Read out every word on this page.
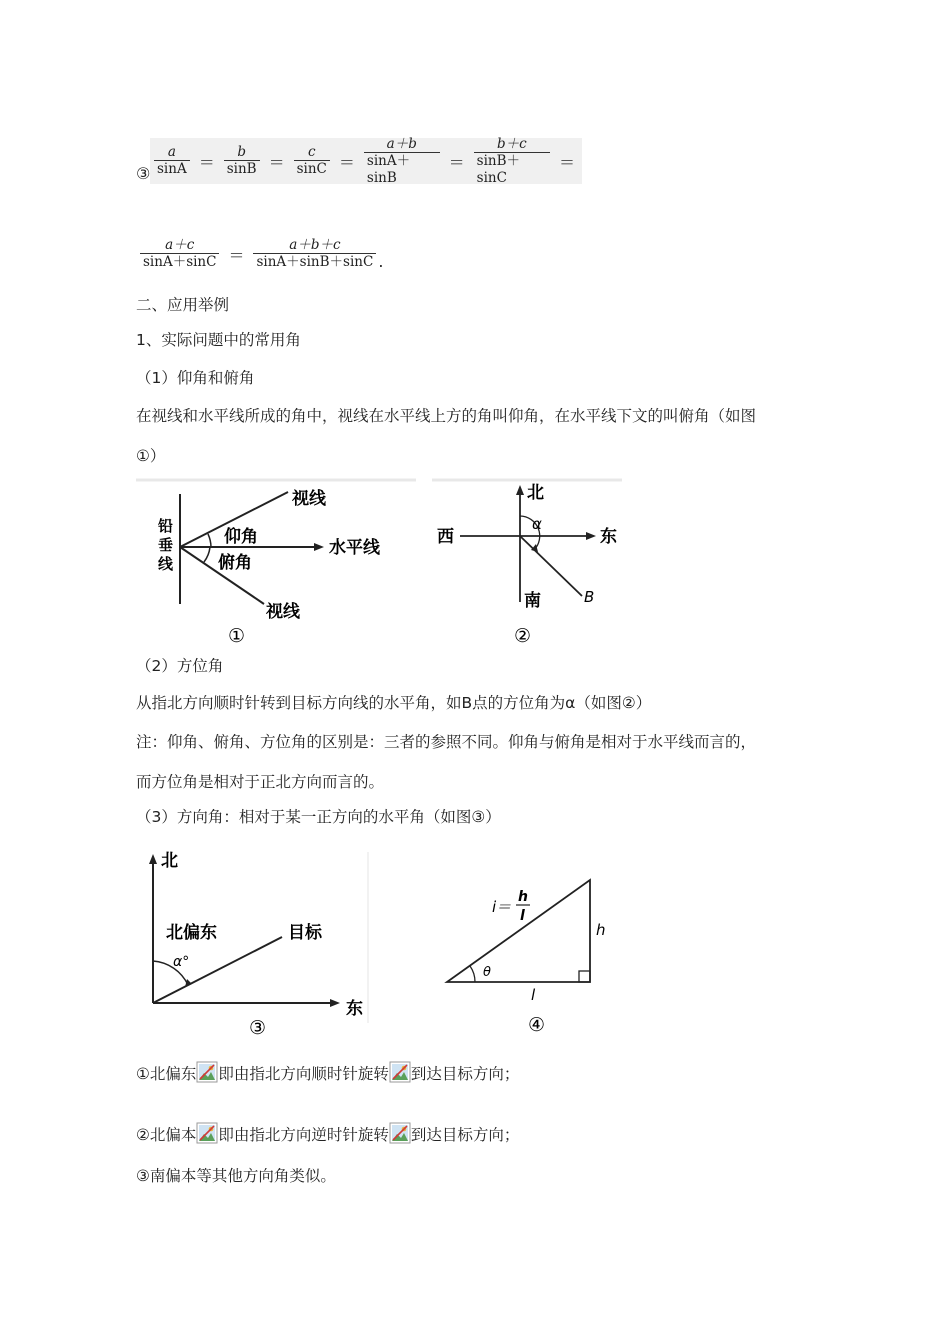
$\frac{a}{\sin A} = \frac{b}{\sin B} = \frac{c}{\sin C} = \frac{a+b}{\sin A+\sin B} = \frac{b+c}{\sin B+\sin C}$ ＝
③
$\frac{a+c}{\sin A+\sin C} = \frac{a+b+c}{\sin A+\sin B+\sin C}$ .
二、应用举例
1、实际问题中的常用角
（1）仰角和俯角
在视线和水平线所成的角中，视线在水平线上方的角叫仰角，在水平线下文的叫俯角（如图
①）
视线
仰角
水平线
俯角
视线
铅
垂
线
①
北
西	东
南
α
B
②
（2）方位角
从指北方向顺时针转到目标方向线的水平角，如B点的方位角为α（如图②）
注：仰角、俯角、方位角的区别是：三者的参照不同。仰角与俯角是相对于水平线而言的，
而方位角是相对于正北方向而言的。
（3）方向角：相对于某一正方向的水平角（如图③）
北
北偏东	目标
α°
东
③
i＝
h
l
h
θ
l
④
①北偏东 即由指北方向顺时针旋转 到达目标方向；
②北偏本 即由指北方向逆时针旋转 到达目标方向；
③南偏本等其他方向角类似。
